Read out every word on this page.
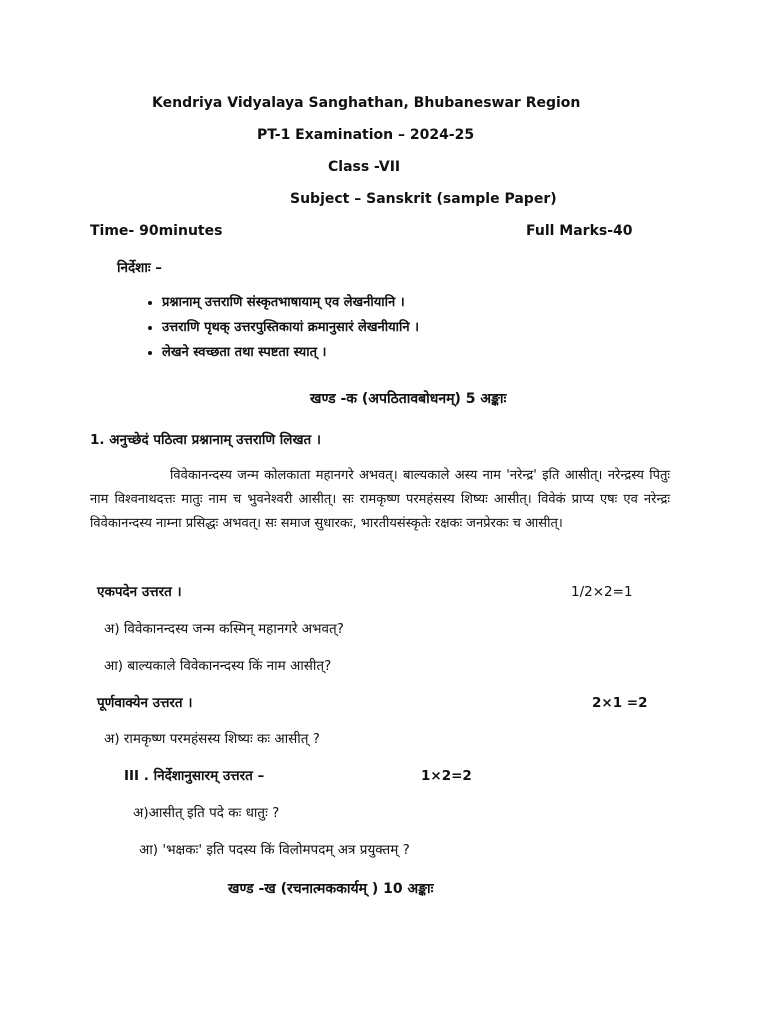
Kendriya Vidyalaya Sanghathan, Bhubaneswar Region
PT-1 Examination – 2024-25
Class -VII
Subject – Sanskrit (sample Paper)
Time- 90minutes	Full Marks-40
निर्देशाः –
• प्रश्नानाम् उत्तराणि संस्कृतभाषायाम् एव लेखनीयानि ।
• उत्तराणि पृथक् उत्तरपुस्तिकायां क्रमानुसारं लेखनीयानि ।
• लेखने स्वच्छता तथा स्पष्टता स्यात् ।
खण्ड -क (अपठितावबोधनम्) 5 अङ्काः
1. अनुच्छेदं पठित्वा प्रश्नानाम् उत्तराणि लिखत ।
विवेकानन्दस्य जन्म कोलकाता महानगरे अभवत्। बाल्यकाले अस्य नाम 'नरेन्द्र' इति आसीत्। नरेन्द्रस्य पितुः नाम विश्वनाथदत्तः मातुः नाम च भुवनेश्वरी आसीत्। सः रामकृष्ण परमहंसस्य शिष्यः आसीत्। विवेकं प्राप्य एषः एव नरेन्द्रः विवेकानन्दस्य नाम्ना प्रसिद्धः अभवत्। सः समाज सुधारकः, भारतीयसंस्कृतेः रक्षकः जनप्रेरकः च आसीत्।
एकपदेन उत्तरत ।	1/2×2=1
अ) विवेकानन्दस्य जन्म कस्मिन् महानगरे अभवत्?
आ) बाल्यकाले विवेकानन्दस्य किं नाम आसीत्?
पूर्णवाक्येन उत्तरत ।	2×1 =2
अ) रामकृष्ण परमहंसस्य शिष्यः कः आसीत् ?
III . निर्देशानुसारम् उत्तरत –	1×2=2
अ)आसीत् इति पदे कः धातुः ?
आ) 'भक्षकः' इति पदस्य किं विलोमपदम् अत्र प्रयुक्तम् ?
खण्ड -ख (रचनात्मककार्यम् ) 10 अङ्काः
